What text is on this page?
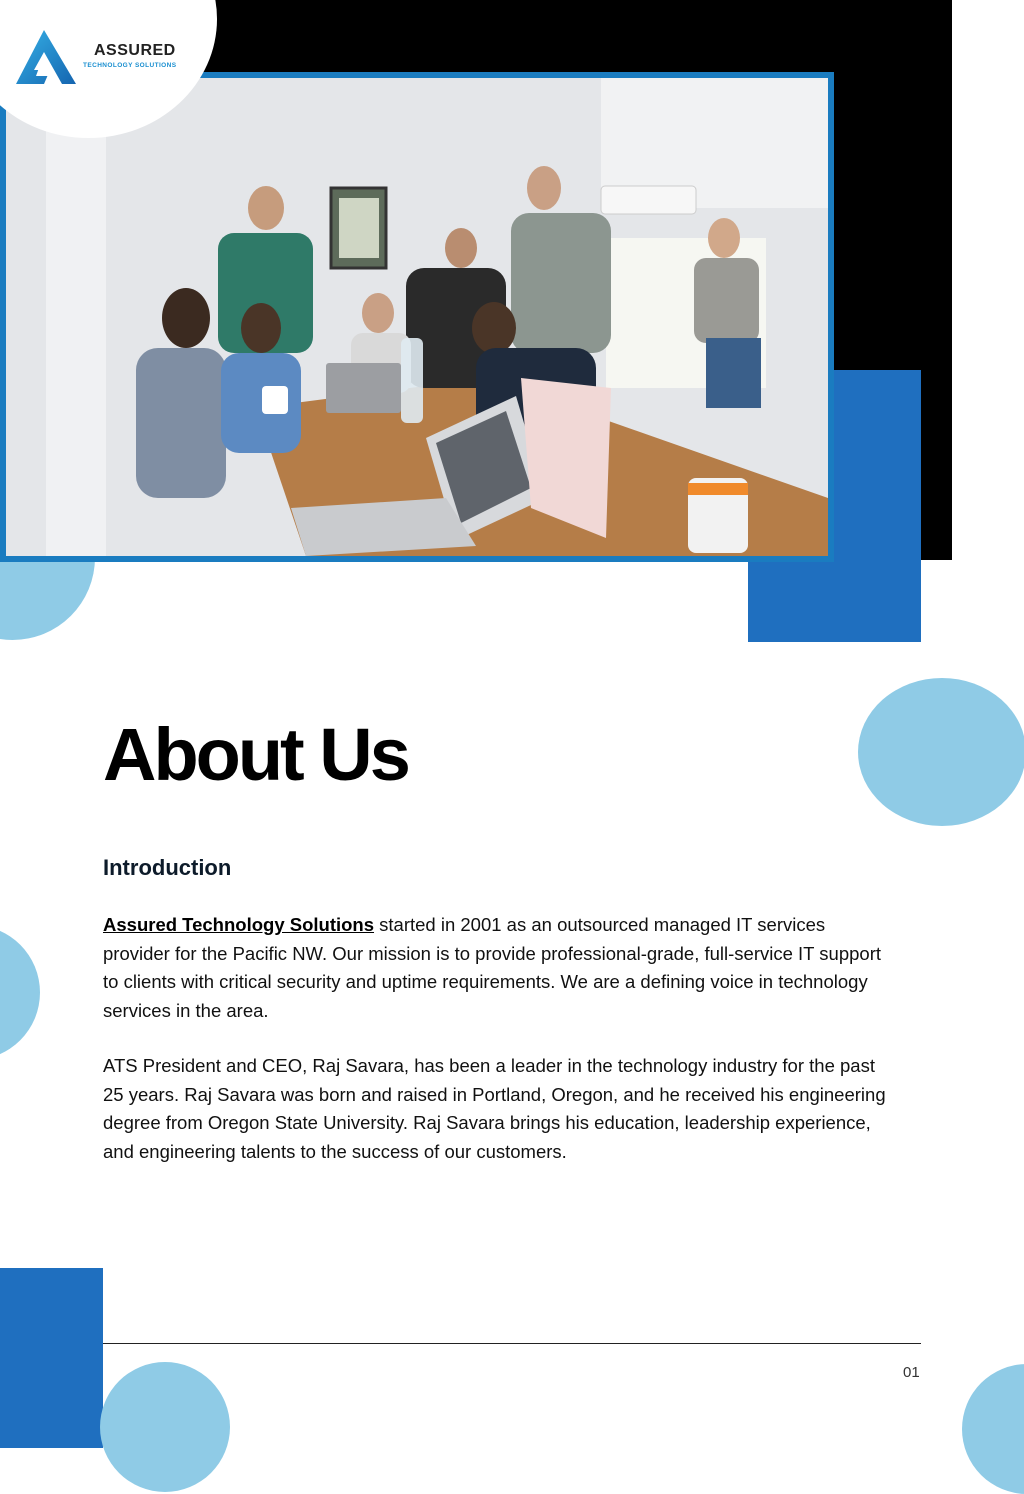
ASSURED
TECHNOLOGY SOLUTIONS
About Us
Introduction

Assured Technology Solutions started in 2001 as an outsourced managed IT services provider for the Pacific NW. Our mission is to provide professional-grade, full-service IT support to clients with critical security and uptime requirements. We are a defining voice in technology services in the area.

ATS President and CEO, Raj Savara, has been a leader in the technology industry for the past 25 years. Raj Savara was born and raised in Portland, Oregon, and he received his engineering degree from Oregon State University. Raj Savara brings his education, leadership experience, and engineering talents to the success of our customers.

01
